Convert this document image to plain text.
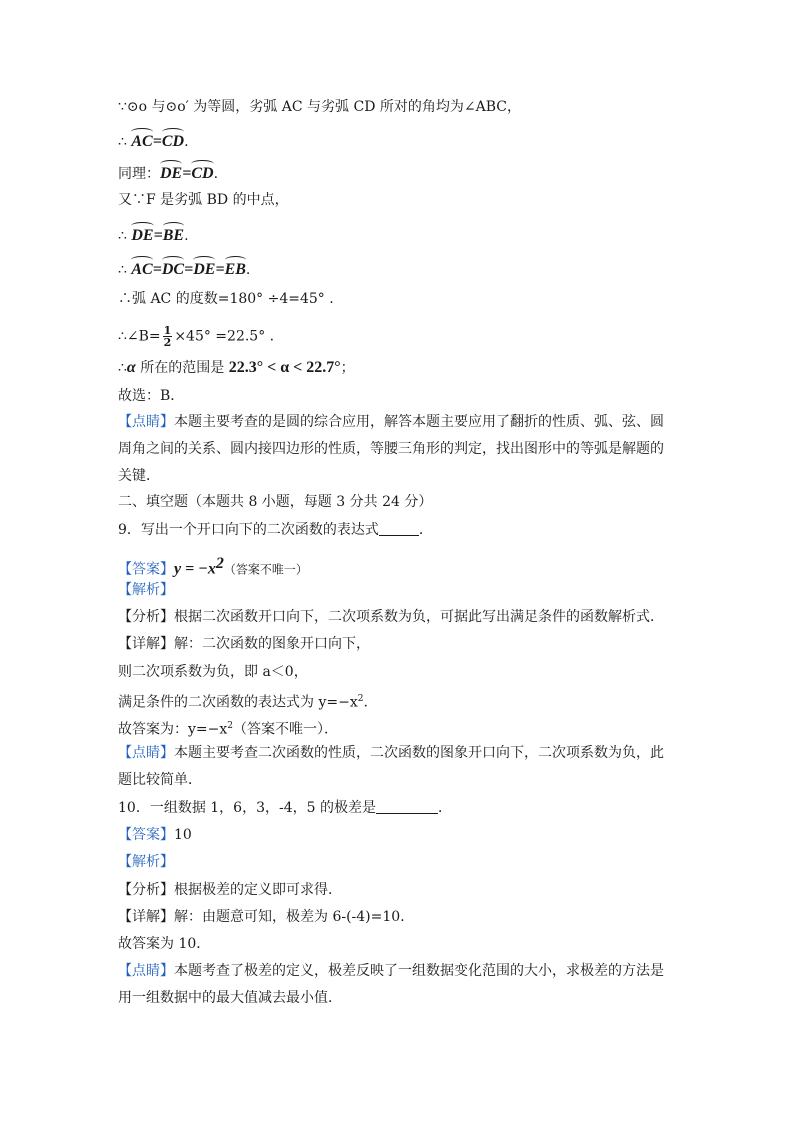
∵⊙o 与⊙o′ 为等圆，劣弧 AC 与劣弧 CD 所对的角均为∠ABC，
∴ AC=
CD.
同理：
DE=
CD.
又∵F 是劣弧 BD 的中点，
∴ DE=
BE.
∴ AC=
DC=
DE=
EB.
∴弧 AC 的度数=180° ÷4=45° .
∴∠B= $\frac{1}{2} \times 45^\circ =22.5^\circ$ .
∴α 所在的范围是 22.3° < α < 22.7°；
故选：B．
【点睛】本题主要考查的是圆的综合应用，解答本题主要应用了翻折的性质、弧、弦、圆
周角之间的关系、圆内接四边形的性质，等腰三角形的判定，找出图形中的等弧是解题的
关键．
二、填空题（本题共 8 小题，每题 3 分共 24 分）
9．写出一个开口向下的二次函数的表达式	．
【答案】$y = -x^2$（答案不唯一）
【解析】
【分析】根据二次函数开口向下，二次项系数为负，可据此写出满足条件的函数解析式．
【详解】解：二次函数的图象开口向下，
则二次项系数为负，即 a＜0，
满足条件的二次函数的表达式为 $y=-x^2$.
故答案为：$y=-x^2$（答案不唯一）．
【点睛】本题主要考查二次函数的性质，二次函数的图象开口向下，二次项系数为负，此
题比较简单．
10．一组数据 1，6，3，-4，5 的极差是	．
【答案】10
【解析】
【分析】根据极差的定义即可求得．
【详解】解：由题意可知，极差为 6-(-4)=10．
故答案为 10．
【点睛】本题考查了极差的定义，极差反映了一组数据变化范围的大小，求极差的方法是
用一组数据中的最大值减去最小值．
